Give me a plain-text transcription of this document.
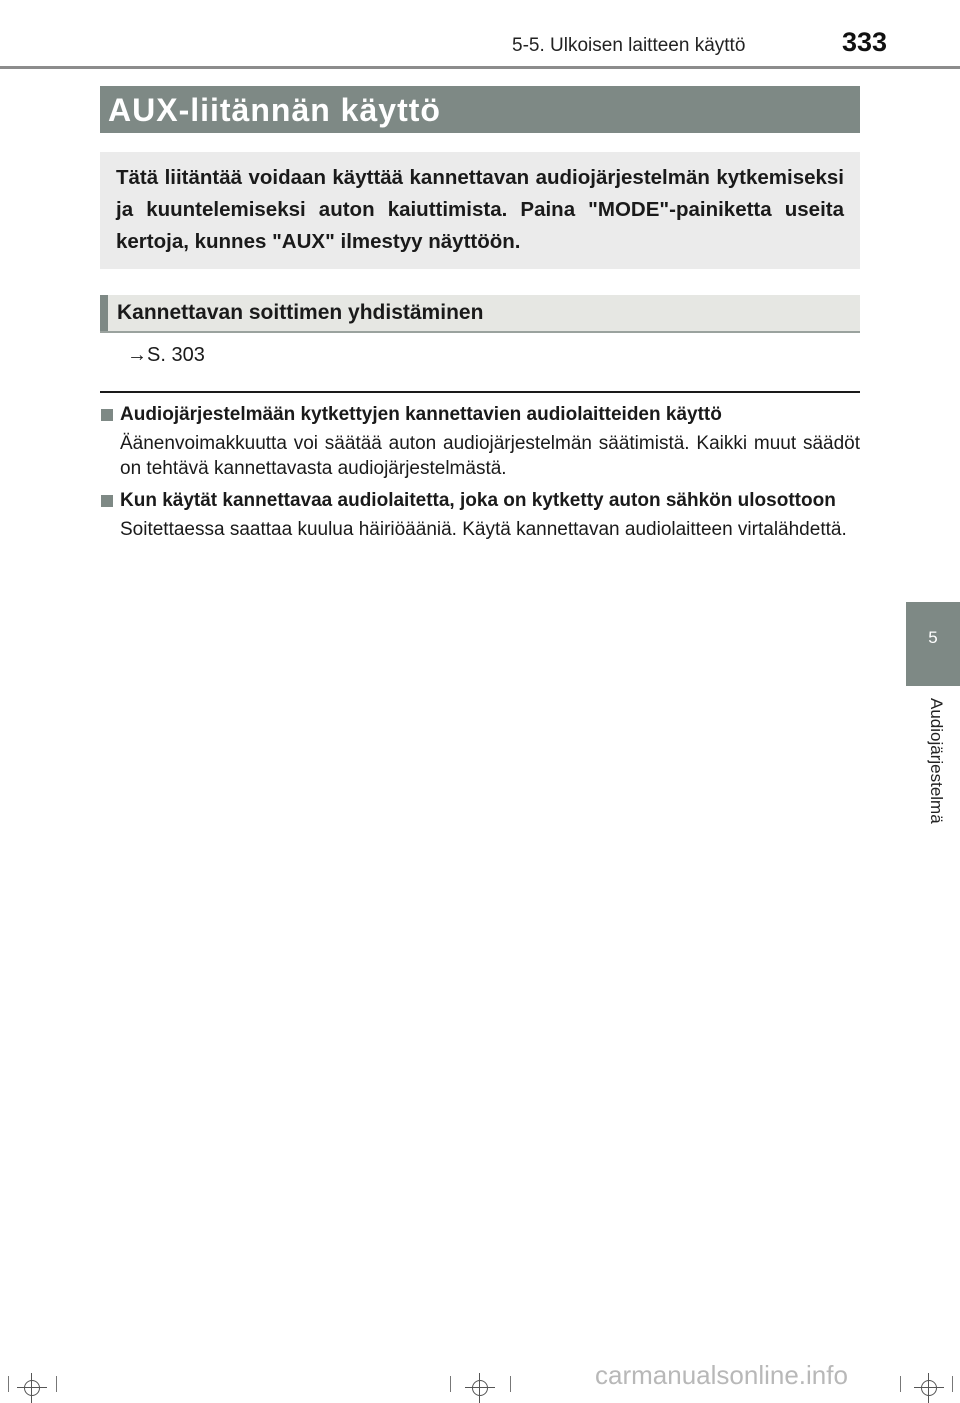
5-5. Ulkoisen laitteen käyttö	333
AUX-liitännän käyttö
Tätä liitäntää voidaan käyttää kannettavan audiojärjestelmän kytkemiseksi ja kuuntelemiseksi auton kaiuttimista. Paina "MODE"-painiketta useita kertoja, kunnes "AUX" ilmestyy näyttöön.
Kannettavan soittimen yhdistäminen
→S. 303
Audiojärjestelmään kytkettyjen kannettavien audiolaitteiden käyttö
Äänenvoimakkuutta voi säätää auton audiojärjestelmän säätimistä. Kaikki muut säädöt on tehtävä kannettavasta audiojärjestelmästä.
Kun käytät kannettavaa audiolaitetta, joka on kytketty auton sähkön ulosottoon
Soitettaessa saattaa kuulua häiriöääniä. Käytä kannettavan audiolaitteen virtalähdettä.
5
Audiojärjestelmä
carmanualsonline.info
